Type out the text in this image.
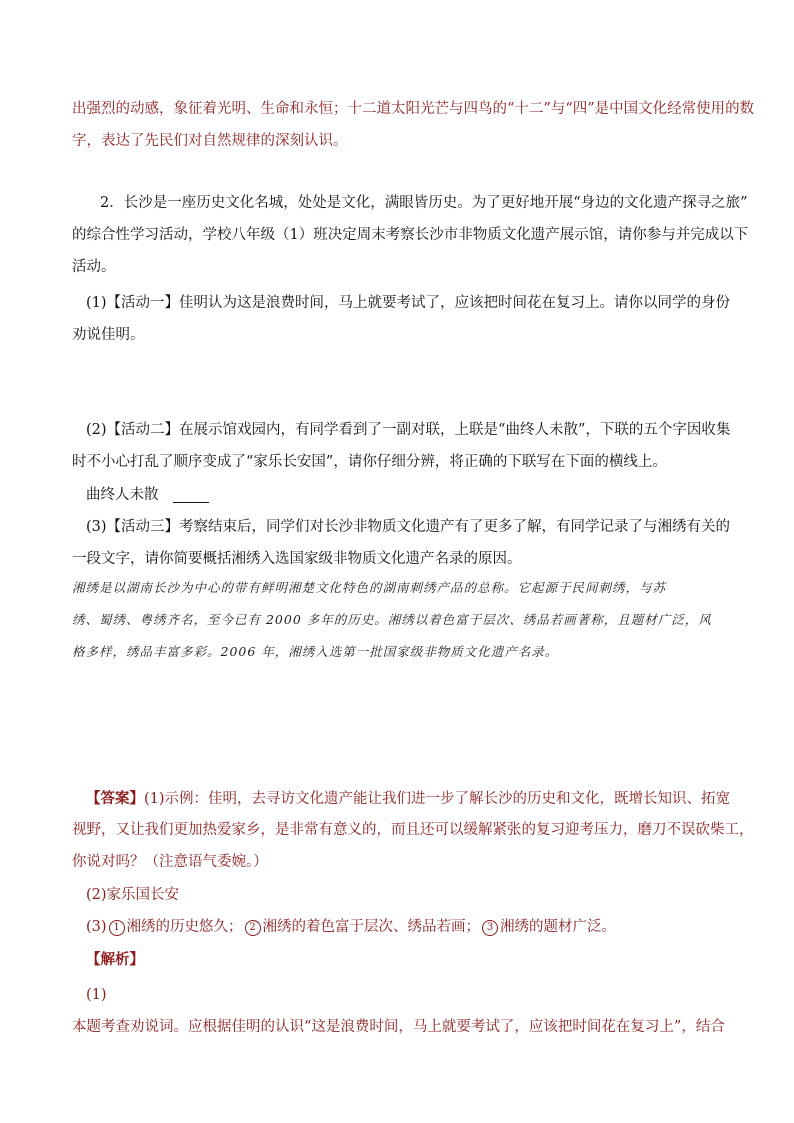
出强烈的动感，象征着光明、生命和永恒；十二道太阳光芒与四鸟的“十二”与“四”是中国文化经常使用的数
字，表达了先民们对自然规律的深刻认识。
2．长沙是一座历史文化名城，处处是文化，满眼皆历史。为了更好地开展“身边的文化遗产探寻之旅”
的综合性学习活动，学校八年级（1）班决定周末考察长沙市非物质文化遗产展示馆，请你参与并完成以下
活动。
(1)【活动一】佳明认为这是浪费时间，马上就要考试了，应该把时间花在复习上。请你以同学的身份
劝说佳明。
(2)【活动二】在展示馆戏园内，有同学看到了一副对联，上联是“曲终人未散”，下联的五个字因收集
时不小心打乱了顺序变成了“家乐长安国”，请你仔细分辨，将正确的下联写在下面的横线上。
曲终人未散
(3)【活动三】考察结束后，同学们对长沙非物质文化遗产有了更多了解，有同学记录了与湘绣有关的
一段文字，请你简要概括湘绣入选国家级非物质文化遗产名录的原因。
湘绣是以湖南长沙为中心的带有鲜明湘楚文化特色的湖南刺绣产品的总称。它起源于民间刺绣，与苏
绣、蜀绣、粤绣齐名，至今已有 2000 多年的历史。湘绣以着色富于层次、绣品若画著称，且题材广泛，风
格多样，绣品丰富多彩。2006 年，湘绣入选第一批国家级非物质文化遗产名录。
【答案】(1)示例：佳明，去寻访文化遗产能让我们进一步了解长沙的历史和文化，既增长知识、拓宽
视野，又让我们更加热爱家乡，是非常有意义的，而且还可以缓解紧张的复习迎考压力，磨刀不误砍柴工，
你说对吗？（注意语气委婉。）
(2)家乐国长安
(3) 1 湘绣的历史悠久； 2 湘绣的着色富于层次、绣品若画； 3 湘绣的题材广泛。
【解析】
(1)
本题考查劝说词。应根据佳明的认识“这是浪费时间，马上就要考试了，应该把时间花在复习上”，结合
